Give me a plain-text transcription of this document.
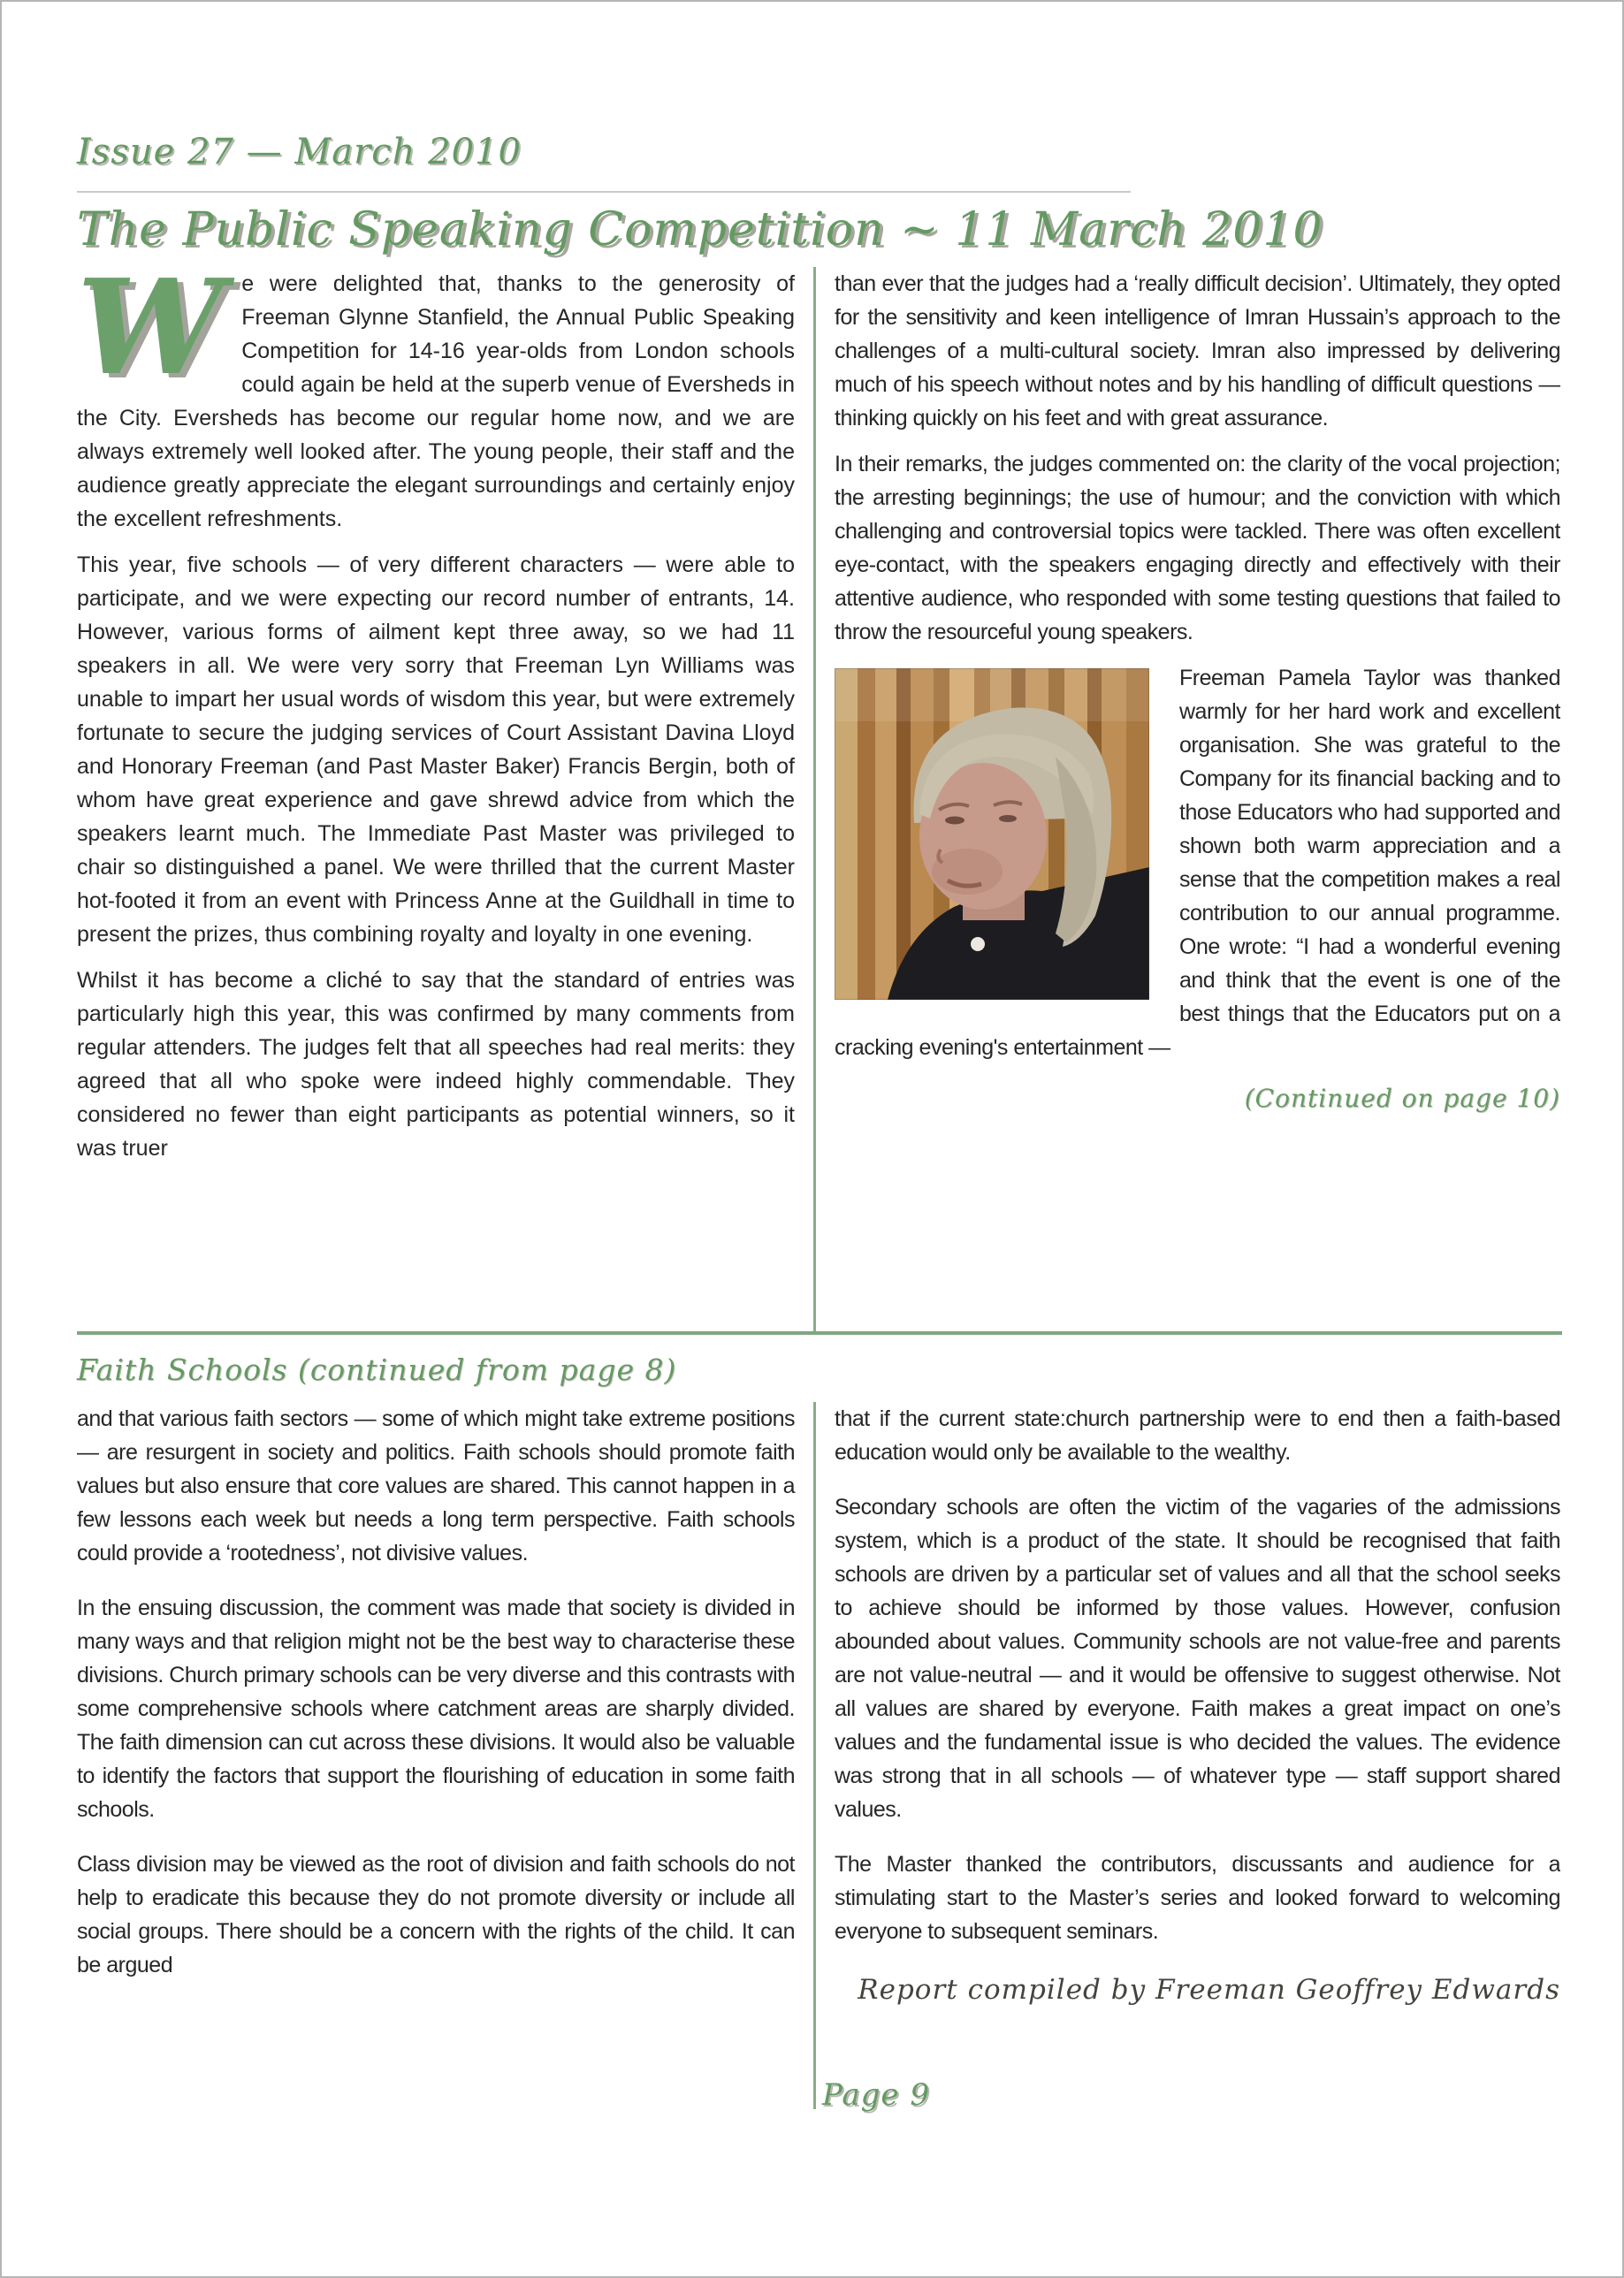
Issue 27 — March 2010
The Public Speaking Competition ~ 11 March 2010

We were delighted that, thanks to the generosity of Freeman Glynne Stanfield, the Annual Public Speaking Competition for 14-16 year-olds from London schools could again be held at the superb venue of Eversheds in the City. Eversheds has become our regular home now, and we are always extremely well looked after. The young people, their staff and the audience greatly appreciate the elegant surroundings and certainly enjoy the excellent refreshments.

This year, five schools — of very different characters — were able to participate, and we were expecting our record number of entrants, 14. However, various forms of ailment kept three away, so we had 11 speakers in all. We were very sorry that Freeman Lyn Williams was unable to impart her usual words of wisdom this year, but were extremely fortunate to secure the judging services of Court Assistant Davina Lloyd and Honorary Freeman (and Past Master Baker) Francis Bergin, both of whom have great experience and gave shrewd advice from which the speakers learnt much. The Immediate Past Master was privileged to chair so distinguished a panel. We were thrilled that the current Master hot-footed it from an event with Princess Anne at the Guildhall in time to present the prizes, thus combining royalty and loyalty in one evening.

Whilst it has become a cliché to say that the standard of entries was particularly high this year, this was confirmed by many comments from regular attenders. The judges felt that all speeches had real merits: they agreed that all who spoke were indeed highly commendable. They considered no fewer than eight participants as potential winners, so it was truer

than ever that the judges had a ‘really difficult decision’. Ultimately, they opted for the sensitivity and keen intelligence of Imran Hussain’s approach to the challenges of a multi-cultural society. Imran also impressed by delivering much of his speech without notes and by his handling of difficult questions — thinking quickly on his feet and with great assurance.

In their remarks, the judges commented on: the clarity of the vocal projection; the arresting beginnings; the use of humour; and the conviction with which challenging and controversial topics were tackled. There was often excellent eye-contact, with the speakers engaging directly and effectively with their attentive audience, who responded with some testing questions that failed to throw the resourceful young speakers.

Freeman Pamela Taylor was thanked warmly for her hard work and excellent organisation. She was grateful to the Company for its financial backing and to those Educators who had supported and shown both warm appreciation and a sense that the competition makes a real contribution to our annual programme. One wrote: “I had a wonderful evening and think that the event is one of the best things that the Educators put on a cracking evening's entertainment —

(Continued on page 10)
Faith Schools (continued from page 8)

and that various faith sectors — some of which might take extreme positions — are resurgent in society and politics. Faith schools should promote faith values but also ensure that core values are shared. This cannot happen in a few lessons each week but needs a long term perspective. Faith schools could provide a ‘rootedness’, not divisive values.

In the ensuing discussion, the comment was made that society is divided in many ways and that religion might not be the best way to characterise these divisions. Church primary schools can be very diverse and this contrasts with some comprehensive schools where catchment areas are sharply divided. The faith dimension can cut across these divisions. It would also be valuable to identify the factors that support the flourishing of education in some faith schools.

Class division may be viewed as the root of division and faith schools do not help to eradicate this because they do not promote diversity or include all social groups. There should be a concern with the rights of the child. It can be argued

that if the current state:church partnership were to end then a faith-based education would only be available to the wealthy.

Secondary schools are often the victim of the vagaries of the admissions system, which is a product of the state. It should be recognised that faith schools are driven by a particular set of values and all that the school seeks to achieve should be informed by those values. However, confusion abounded about values. Community schools are not value-free and parents are not value-neutral — and it would be offensive to suggest otherwise. Not all values are shared by everyone. Faith makes a great impact on one’s values and the fundamental issue is who decided the values. The evidence was strong that in all schools — of whatever type — staff support shared values.

The Master thanked the contributors, discussants and audience for a stimulating start to the Master’s series and looked forward to welcoming everyone to subsequent seminars.

Report compiled by Freeman Geoffrey Edwards
Page 9
